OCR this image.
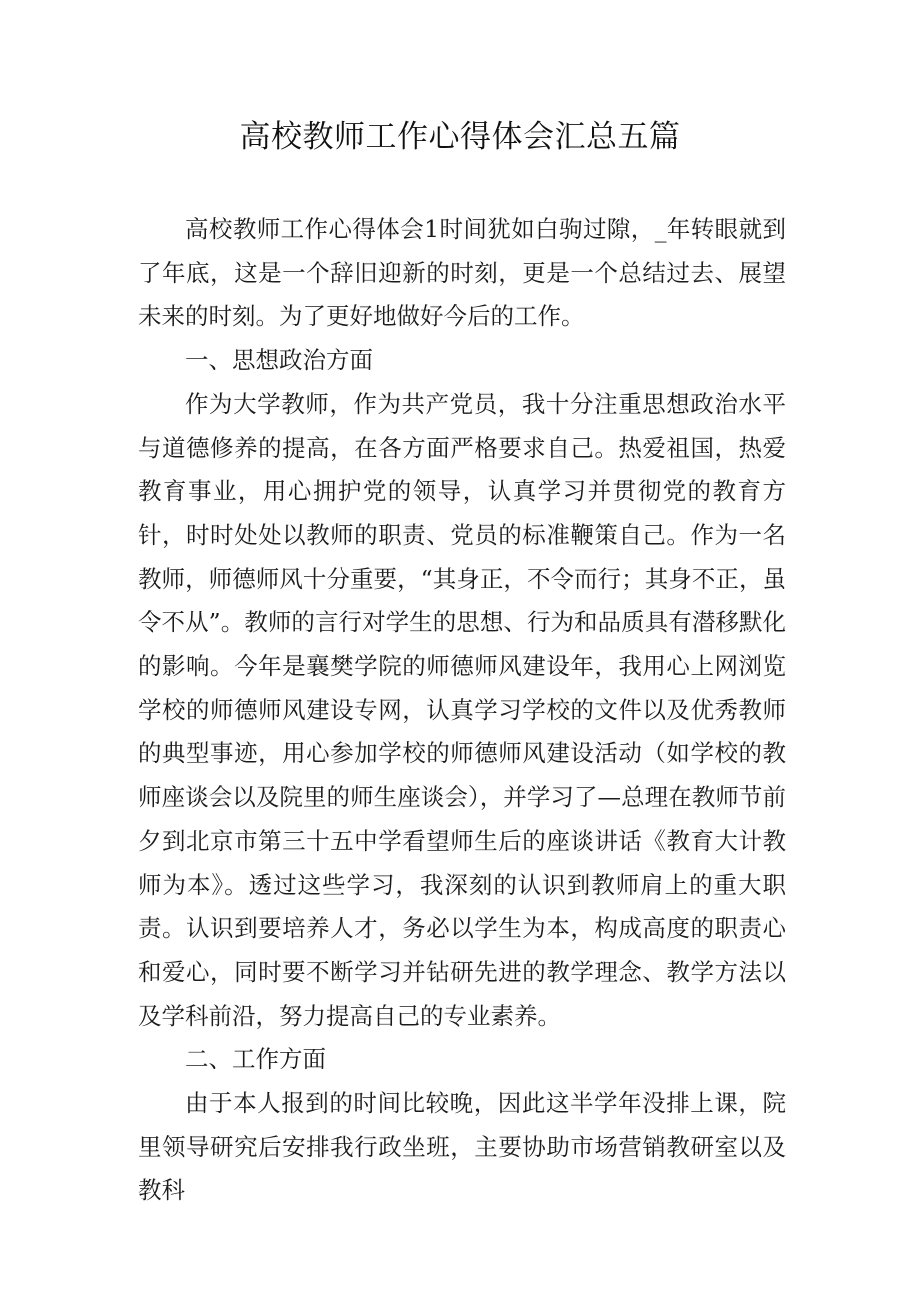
高校教师工作心得体会汇总五篇

高校教师工作心得体会1时间犹如白驹过隙，_年转眼就到了年底，这是一个辞旧迎新的时刻，更是一个总结过去、展望未来的时刻。为了更好地做好今后的工作。

一、思想政治方面

作为大学教师，作为共产党员，我十分注重思想政治水平与道德修养的提高，在各方面严格要求自己。热爱祖国，热爱教育事业，用心拥护党的领导，认真学习并贯彻党的教育方针，时时处处以教师的职责、党员的标准鞭策自己。作为一名教师，师德师风十分重要，“其身正，不令而行；其身不正，虽令不从”。教师的言行对学生的思想、行为和品质具有潜移默化的影响。今年是襄樊学院的师德师风建设年，我用心上网浏览学校的师德师风建设专网，认真学习学校的文件以及优秀教师的典型事迹，用心参加学校的师德师风建设活动（如学校的教师座谈会以及院里的师生座谈会），并学习了—总理在教师节前夕到北京市第三十五中学看望师生后的座谈讲话《教育大计教师为本》。透过这些学习，我深刻的认识到教师肩上的重大职责。认识到要培养人才，务必以学生为本，构成高度的职责心和爱心，同时要不断学习并钻研先进的教学理念、教学方法以及学科前沿，努力提高自己的专业素养。

二、工作方面

由于本人报到的时间比较晚，因此这半学年没排上课，院里领导研究后安排我行政坐班，主要协助市场营销教研室以及教科
